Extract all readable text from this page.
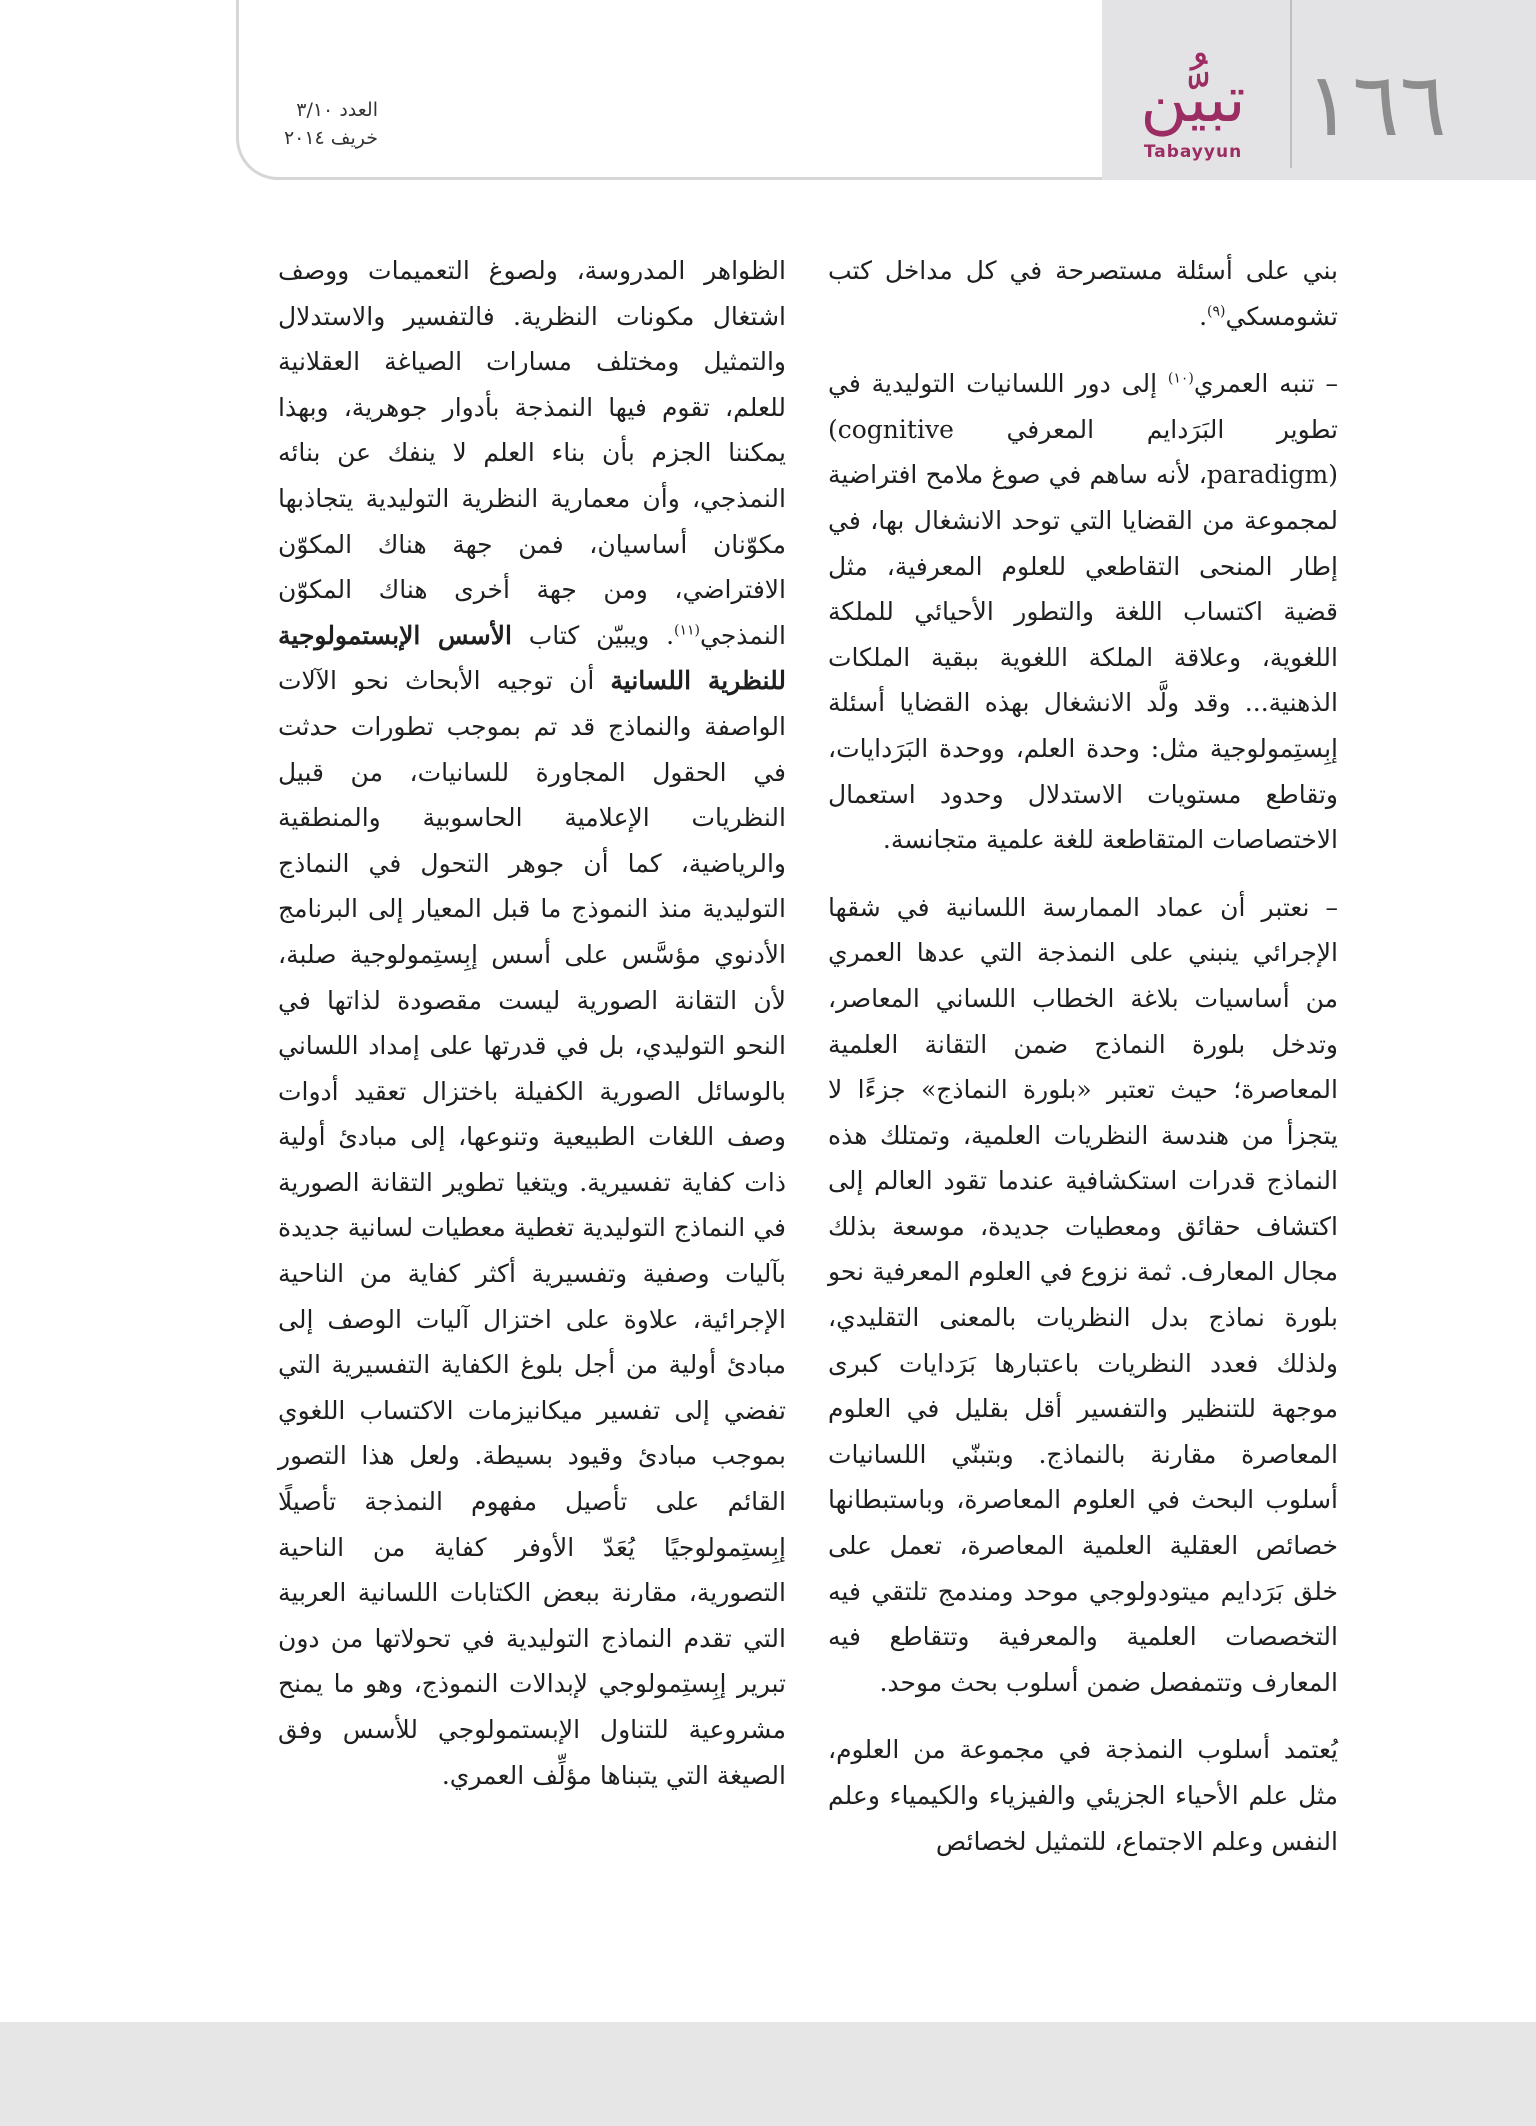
١٦٦
تبيُّن
Tabayyun
العدد ٣/١٠
خريف ٢٠١٤

بني على أسئلة مستصرحة في كل مداخل كتب تشومسكي$^{(٩)}$.

– تنبه العمري$^{(١٠)}$ إلى دور اللسانيات التوليدية في تطوير البَرَدايم المعرفي (cognitive paradigm)، لأنه ساهم في صوغ ملامح افتراضية لمجموعة من القضايا التي توحد الانشغال بها، في إطار المنحى التقاطعي للعلوم المعرفية، مثل قضية اكتساب اللغة والتطور الأحيائي للملكة اللغوية، وعلاقة الملكة اللغوية ببقية الملكات الذهنية... وقد ولَّد الانشغال بهذه القضايا أسئلة إبِستِمولوجية مثل: وحدة العلم، ووحدة البَرَدايات، وتقاطع مستويات الاستدلال وحدود استعمال الاختصاصات المتقاطعة للغة علمية متجانسة.

– نعتبر أن عماد الممارسة اللسانية في شقها الإجرائي ينبني على النمذجة التي عدها العمري من أساسيات بلاغة الخطاب اللساني المعاصر، وتدخل بلورة النماذج ضمن التقانة العلمية المعاصرة؛ حيث تعتبر «بلورة النماذج» جزءًا لا يتجزأ من هندسة النظريات العلمية، وتمتلك هذه النماذج قدرات استكشافية عندما تقود العالم إلى اكتشاف حقائق ومعطيات جديدة، موسعة بذلك مجال المعارف. ثمة نزوع في العلوم المعرفية نحو بلورة نماذج بدل النظريات بالمعنى التقليدي، ولذلك فعدد النظريات باعتبارها بَرَدايات كبرى موجهة للتنظير والتفسير أقل بقليل في العلوم المعاصرة مقارنة بالنماذج. وبتبنّي اللسانيات أسلوب البحث في العلوم المعاصرة، وباستبطانها خصائص العقلية العلمية المعاصرة، تعمل على خلق بَرَدايم ميتودولوجي موحد ومندمج تلتقي فيه التخصصات العلمية والمعرفية وتتقاطع فيه المعارف وتتمفصل ضمن أسلوب بحث موحد.

يُعتمد أسلوب النمذجة في مجموعة من العلوم، مثل علم الأحياء الجزيئي والفيزياء والكيمياء وعلم النفس وعلم الاجتماع، للتمثيل لخصائص

الظواهر المدروسة، ولصوغ التعميمات ووصف اشتغال مكونات النظرية. فالتفسير والاستدلال والتمثيل ومختلف مسارات الصياغة العقلانية للعلم، تقوم فيها النمذجة بأدوار جوهرية، وبهذا يمكننا الجزم بأن بناء العلم لا ينفك عن بنائه النمذجي، وأن معمارية النظرية التوليدية يتجاذبها مكوّنان أساسيان، فمن جهة هناك المكوّن الافتراضي، ومن جهة أخرى هناك المكوّن النمذجي$^{(١١)}$. ويبيّن كتاب الأسس الإبستمولوجية للنظرية اللسانية أن توجيه الأبحاث نحو الآلات الواصفة والنماذج قد تم بموجب تطورات حدثت في الحقول المجاورة للسانيات، من قبيل النظريات الإعلامية الحاسوبية والمنطقية والرياضية، كما أن جوهر التحول في النماذج التوليدية منذ النموذج ما قبل المعيار إلى البرنامج الأدنوي مؤسَّس على أسس إبِستِمولوجية صلبة، لأن التقانة الصورية ليست مقصودة لذاتها في النحو التوليدي، بل في قدرتها على إمداد اللساني بالوسائل الصورية الكفيلة باختزال تعقيد أدوات وصف اللغات الطبيعية وتنوعها، إلى مبادئ أولية ذات كفاية تفسيرية. ويتغيا تطوير التقانة الصورية في النماذج التوليدية تغطية معطيات لسانية جديدة بآليات وصفية وتفسيرية أكثر كفاية من الناحية الإجرائية، علاوة على اختزال آليات الوصف إلى مبادئ أولية من أجل بلوغ الكفاية التفسيرية التي تفضي إلى تفسير ميكانيزمات الاكتساب اللغوي بموجب مبادئ وقيود بسيطة. ولعل هذا التصور القائم على تأصيل مفهوم النمذجة تأصيلًا إبِستِمولوجيًا يُعَدّ الأوفر كفاية من الناحية التصورية، مقارنة ببعض الكتابات اللسانية العربية التي تقدم النماذج التوليدية في تحولاتها من دون تبرير إبِستِمولوجي لإبدالات النموذج، وهو ما يمنح مشروعية للتناول الإبستمولوجي للأسس وفق الصيغة التي يتبناها مؤلِّف العمري.
